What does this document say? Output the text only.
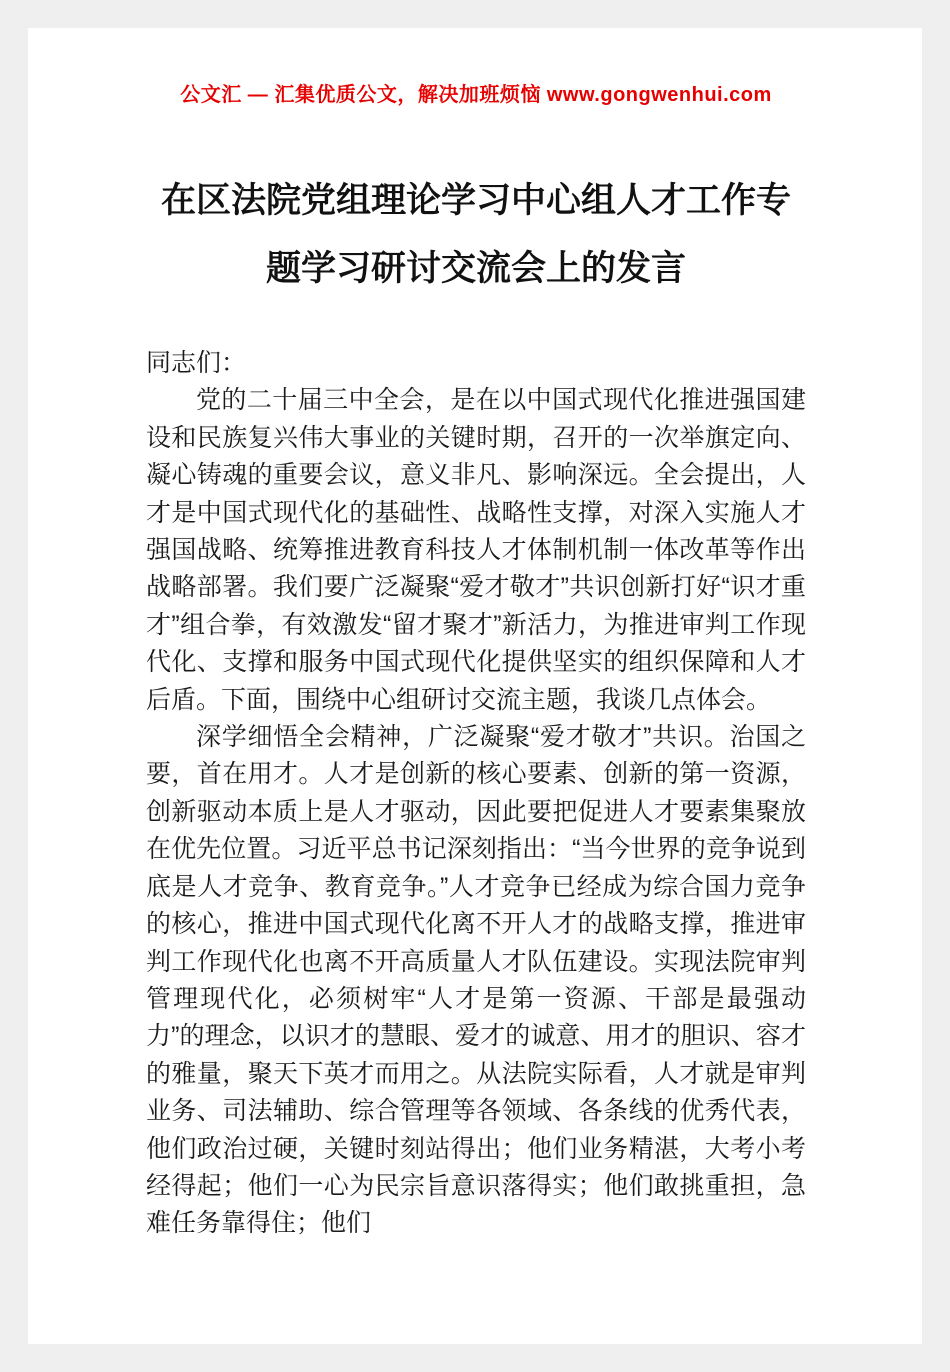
公文汇 — 汇集优质公文，解决加班烦恼 www.gongwenhui.com
在区法院党组理论学习中心组人才工作专
题学习研讨交流会上的发言

同志们：

党的二十届三中全会，是在以中国式现代化推进强国建设和民族复兴伟大事业的关键时期，召开的一次举旗定向、凝心铸魂的重要会议，意义非凡、影响深远。全会提出，人才是中国式现代化的基础性、战略性支撑，对深入实施人才强国战略、统筹推进教育科技人才体制机制一体改革等作出战略部署。我们要广泛凝聚“爱才敬才”共识创新打好“识才重才”组合拳，有效激发“留才聚才”新活力，为推进审判工作现代化、支撑和服务中国式现代化提供坚实的组织保障和人才后盾。下面，围绕中心组研讨交流主题，我谈几点体会。

深学细悟全会精神，广泛凝聚“爱才敬才”共识。治国之要，首在用才。人才是创新的核心要素、创新的第一资源，创新驱动本质上是人才驱动，因此要把促进人才要素集聚放在优先位置。习近平总书记深刻指出：“当今世界的竞争说到底是人才竞争、教育竞争。”人才竞争已经成为综合国力竞争的核心，推进中国式现代化离不开人才的战略支撑，推进审判工作现代化也离不开高质量人才队伍建设。实现法院审判管理现代化，必须树牢“人才是第一资源、干部是最强动力”的理念，以识才的慧眼、爱才的诚意、用才的胆识、容才的雅量，聚天下英才而用之。从法院实际看，人才就是审判业务、司法辅助、综合管理等各领域、各条线的优秀代表，他们政治过硬，关键时刻站得出；他们业务精湛，大考小考经得起；他们一心为民宗旨意识落得实；他们敢挑重担，急难任务靠得住；他们
